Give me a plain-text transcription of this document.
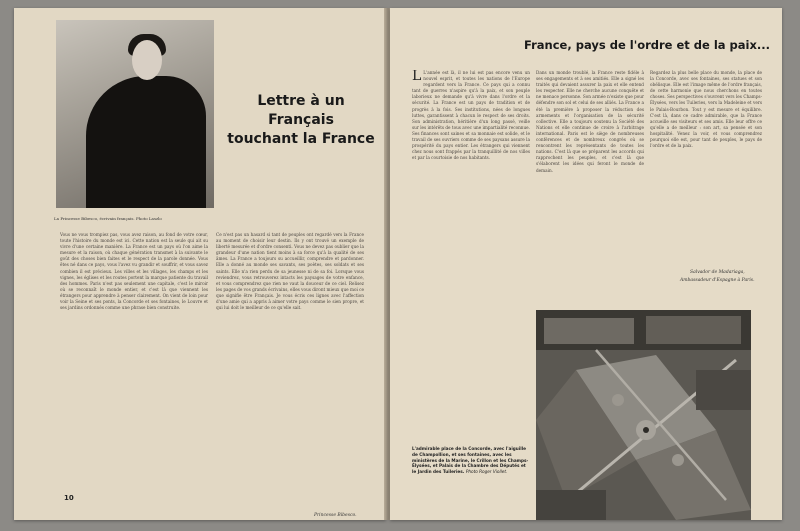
La Princesse Bibesco, écrivain français. Photo Laszlo
Lettre à un Français
touchant la France
Vous ne vous trompiez pas, vous avez raison, au fond de votre cœur, toute l'histoire du monde est ici. Cette nation est la seule qui ait su vivre d'une certaine manière. La France est un pays où l'on aime la mesure et la raison, où chaque génération transmet à la suivante le goût des choses bien faites et le respect de la parole donnée. Vous êtes né dans ce pays, vous l'avez vu grandir et souffrir, et vous savez combien il est précieux. Les villes et les villages, les champs et les vignes, les églises et les routes portent la marque patiente du travail des hommes. Paris n'est pas seulement une capitale, c'est le miroir où se reconnaît le monde entier, et c'est là que viennent les étrangers pour apprendre à penser clairement. On vient de loin pour voir la Seine et ses ponts, la Concorde et ses fontaines, le Louvre et ses jardins ordonnés comme une phrase bien construite.
Ce n'est pas un hasard si tant de peuples ont regardé vers la France au moment de choisir leur destin. Ils y ont trouvé un exemple de liberté mesurée et d'ordre consenti. Vous ne devez pas oublier que la grandeur d'une nation tient moins à sa force qu'à la qualité de ses âmes. La France a toujours su accueillir, comprendre et pardonner. Elle a donné au monde ses savants, ses poètes, ses soldats et ses saints. Elle n'a rien perdu de sa jeunesse ni de sa foi. Lorsque vous reviendrez, vous retrouverez intacts les paysages de votre enfance, et vous comprendrez que rien ne vaut la douceur de ce ciel. Relisez les pages de vos grands écrivains, elles vous diront mieux que moi ce que signifie être Français. Je vous écris ces lignes avec l'affection d'une amie qui a appris à aimer votre pays comme le sien propre, et qui lui doit le meilleur de ce qu'elle sait.
Princesse Bibesco.
10
France, pays de l'ordre et de la paix...
L L'année est là, il ne lui est pas encore venu un nouvel esprit, et toutes les nations de l'Europe regardent vers la France. Ce pays qui a connu tant de guerres n'aspire qu'à la paix, et son peuple laborieux ne demande qu'à vivre dans l'ordre et la sécurité. La France est un pays de tradition et de progrès à la fois. Ses institutions, nées de longues luttes, garantissent à chacun le respect de ses droits. Son administration, héritière d'un long passé, veille sur les intérêts de tous avec une impartialité reconnue. Ses finances sont saines et sa monnaie est solide, et le travail de ses ouvriers comme de ses paysans assure la prospérité du pays entier. Les étrangers qui viennent chez nous sont frappés par la tranquillité de nos villes et par la courtoisie de nos habitants.
Dans un monde troublé, la France reste fidèle à ses engagements et à ses amitiés. Elle a signé les traités qui devaient assurer la paix et elle entend les respecter. Elle ne cherche aucune conquête et ne menace personne. Son armée n'existe que pour défendre son sol et celui de ses alliés. La France a été la première à proposer la réduction des armements et l'organisation de la sécurité collective. Elle a toujours soutenu la Société des Nations et elle continue de croire à l'arbitrage international. Paris est le siège de nombreuses conférences et de nombreux congrès où se rencontrent les représentants de toutes les nations. C'est là que se préparent les accords qui rapprochent les peuples, et c'est là que s'élaborent les idées qui feront le monde de demain.
Regardez la plus belle place du monde, la place de la Concorde, avec ses fontaines, ses statues et son obélisque. Elle est l'image même de l'ordre français, de cette harmonie que nous cherchons en toutes choses. Ses perspectives s'ouvrent vers les Champs-Élysées, vers les Tuileries, vers la Madeleine et vers le Palais-Bourbon. Tout y est mesure et équilibre. C'est là, dans ce cadre admirable, que la France accueille ses visiteurs et ses amis. Elle leur offre ce qu'elle a de meilleur : son art, sa pensée et son hospitalité. Venez la voir, et vous comprendrez pourquoi elle est, pour tant de peuples, le pays de l'ordre et de la paix.
Salvador de Madariaga,
Ambassadeur d'Espagne à Paris.
L'admirable place de la Concorde, avec l'aiguille de Champollion, et ses fontaines, avec les ministères de la Marine, le Crillon et les Champs-Élysées, et Palais de la Chambre des Députés et le Jardin des Tuileries. Photo Roger Viollet.
